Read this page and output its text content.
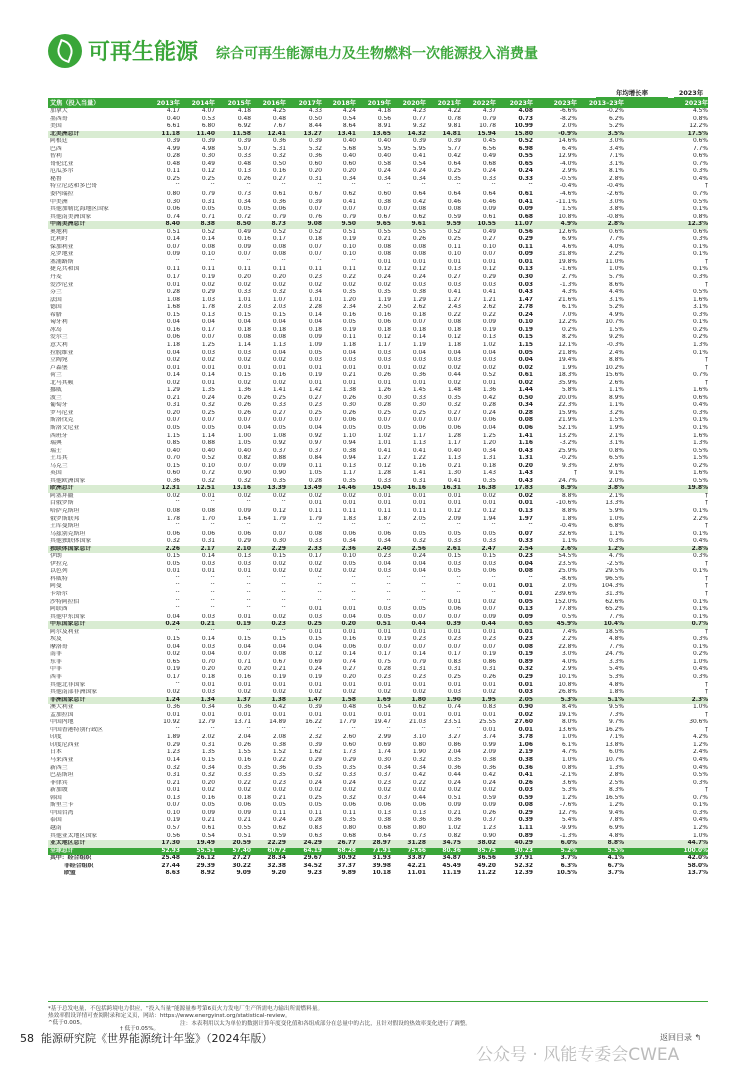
可再生能源 综合可再生能源电力及生物燃料一次能源投入消费量
年均增长率	2023年
艾焦（投入当量）	2013年	2014年	2015年	2016年	2017年	2018年	2019年	2020年	2021年	2022年	2023年	2023年	2013–23年	2023年
加拿大	4.17	4.07	4.18	4.25	4.33	4.24	4.18	4.23	4.22	4.37	4.08	-6.6%	-0.2%	4.5%
墨西哥	0.40	0.53	0.48	0.48	0.50	0.54	0.56	0.77	0.78	0.79	0.73	-8.2%	6.2%	0.8%
美国	6.61	6.80	6.92	7.67	8.44	8.64	8.91	9.32	9.81	10.78	10.99	2.0%	5.2%	12.2%
北美洲总计	11.18	11.40	11.58	12.41	13.27	13.41	13.65	14.32	14.81	15.94	15.80	-0.9%	3.5%	17.5%
阿根廷	0.39	0.39	0.39	0.36	0.39	0.40	0.40	0.39	0.39	0.45	0.52	14.6%	3.0%	0.6%
巴西	4.99	4.98	5.07	5.31	5.32	5.68	5.95	5.95	5.77	6.56	6.98	6.4%	3.4%	7.7%
智利	0.28	0.30	0.33	0.32	0.36	0.40	0.40	0.41	0.42	0.49	0.55	12.9%	7.1%	0.6%
哥伦比亚	0.48	0.49	0.48	0.50	0.60	0.60	0.58	0.54	0.64	0.68	0.65	-4.0%	3.1%	0.7%
厄瓜多尔	0.11	0.12	0.13	0.16	0.20	0.20	0.24	0.24	0.25	0.24	0.24	2.9%	8.1%	0.3%
秘鲁	0.25	0.25	0.26	0.27	0.31	0.34	0.34	0.34	0.35	0.33	0.33	-0.5%	2.8%	0.4%
特立尼达和多巴哥	^	^	^	^	^	^	^	^	^	^	^	-0.4%	-0.4%	†
委内瑞拉	0.80	0.79	0.73	0.61	0.67	0.62	0.60	0.64	0.64	0.64	0.61	-4.6%	-2.6%	0.7%
中美洲	0.30	0.31	0.34	0.36	0.39	0.41	0.38	0.42	0.46	0.46	0.41	-11.1%	3.0%	0.5%
其他加勒比海地区国家	0.06	0.05	0.05	0.06	0.07	0.07	0.07	0.08	0.08	0.09	0.09	1.5%	3.8%	0.1%
其他南美洲国家	0.74	0.71	0.72	0.79	0.76	0.79	0.67	0.62	0.59	0.61	0.68	10.8%	-0.8%	0.8%
中南美洲总计	8.40	8.38	8.50	8.73	9.08	9.50	9.65	9.61	9.59	10.55	11.07	4.9%	2.8%	12.3%
奥地利	0.51	0.52	0.49	0.52	0.52	0.51	0.55	0.55	0.52	0.49	0.56	12.6%	0.6%	0.6%
比利时	0.14	0.14	0.16	0.17	0.18	0.19	0.21	0.26	0.25	0.27	0.29	6.9%	7.7%	0.3%
保加利亚	0.07	0.08	0.09	0.08	0.07	0.10	0.08	0.08	0.11	0.10	0.11	4.6%	4.0%	0.1%
克罗地亚	0.09	0.10	0.07	0.08	0.07	0.10	0.08	0.08	0.10	0.07	0.09	31.8%	2.2%	0.1%
塞浦路斯	^	^	^	^	^	^	0.01	0.01	0.01	0.01	0.01	19.8%	11.0%	†
捷克共和国	0.11	0.11	0.11	0.11	0.11	0.11	0.12	0.12	0.13	0.12	0.13	-1.6%	1.0%	0.1%
丹麦	0.17	0.19	0.20	0.20	0.23	0.22	0.24	0.24	0.27	0.29	0.30	2.7%	5.7%	0.3%
爱沙尼亚	0.01	0.02	0.02	0.02	0.02	0.02	0.02	0.03	0.03	0.03	0.03	-1.3%	8.6%	†
芬兰	0.28	0.29	0.33	0.32	0.34	0.35	0.35	0.38	0.41	0.41	0.43	4.3%	4.4%	0.5%
法国	1.08	1.03	1.01	1.07	1.01	1.20	1.19	1.29	1.27	1.21	1.47	21.6%	3.1%	1.6%
德国	1.68	1.78	2.03	2.03	2.28	2.34	2.50	2.62	2.43	2.62	2.78	6.1%	5.2%	3.1%
希腊	0.15	0.13	0.15	0.15	0.14	0.16	0.16	0.18	0.22	0.22	0.24	7.0%	4.9%	0.3%
匈牙利	0.04	0.04	0.04	0.04	0.04	0.05	0.06	0.07	0.08	0.09	0.10	12.2%	10.7%	0.1%
冰岛	0.16	0.17	0.18	0.18	0.18	0.19	0.18	0.18	0.18	0.19	0.19	0.2%	1.5%	0.2%
爱尔兰	0.06	0.07	0.08	0.08	0.09	0.11	0.12	0.14	0.12	0.13	0.15	8.2%	9.2%	0.2%
意大利	1.18	1.25	1.14	1.13	1.09	1.18	1.17	1.19	1.18	1.02	1.15	12.1%	-0.3%	1.3%
拉脱维亚	0.04	0.03	0.03	0.04	0.05	0.04	0.03	0.04	0.04	0.04	0.05	21.8%	2.4%	0.1%
立陶宛	0.02	0.02	0.02	0.02	0.03	0.03	0.03	0.03	0.03	0.03	0.04	19.4%	8.8%	†
卢森堡	0.01	0.01	0.01	0.01	0.01	0.01	0.01	0.02	0.02	0.02	0.02	1.9%	10.2%	†
荷兰	0.14	0.14	0.15	0.16	0.19	0.21	0.26	0.36	0.44	0.52	0.61	18.3%	15.6%	0.7%
北马其顿	0.02	0.01	0.02	0.02	0.01	0.01	0.01	0.01	0.02	0.01	0.02	35.9%	2.6%	†
挪威	1.29	1.35	1.36	1.41	1.42	1.38	1.26	1.45	1.48	1.36	1.44	5.8%	1.1%	1.6%
波兰	0.21	0.24	0.26	0.25	0.27	0.26	0.30	0.33	0.35	0.42	0.50	20.0%	8.9%	0.6%
葡萄牙	0.31	0.32	0.26	0.33	0.23	0.30	0.28	0.30	0.32	0.28	0.34	22.3%	1.1%	0.4%
罗马尼亚	0.20	0.25	0.26	0.27	0.25	0.26	0.25	0.25	0.27	0.24	0.28	15.9%	3.2%	0.3%
斯洛伐克	0.07	0.07	0.07	0.07	0.07	0.06	0.07	0.07	0.07	0.06	0.08	21.9%	1.5%	0.1%
斯洛文尼亚	0.05	0.05	0.04	0.05	0.04	0.05	0.05	0.06	0.06	0.04	0.06	52.1%	1.9%	0.1%
西班牙	1.15	1.14	1.00	1.08	0.92	1.10	1.02	1.17	1.28	1.25	1.41	13.2%	2.1%	1.6%
瑞典	0.85	0.88	1.05	0.92	0.97	0.94	1.01	1.13	1.17	1.20	1.16	-3.2%	3.1%	1.3%
瑞士	0.40	0.40	0.40	0.37	0.37	0.38	0.41	0.41	0.40	0.34	0.43	25.9%	0.8%	0.5%
土耳其	0.70	0.52	0.82	0.88	0.84	0.94	1.27	1.22	1.13	1.31	1.31	-0.2%	6.5%	1.5%
乌克兰	0.15	0.10	0.07	0.09	0.11	0.13	0.12	0.16	0.21	0.18	0.20	9.3%	2.6%	0.2%
英国	0.60	0.72	0.90	0.90	1.05	1.17	1.28	1.41	1.30	1.43	1.43	†	9.1%	1.6%
其他欧洲国家	0.36	0.32	0.32	0.35	0.28	0.35	0.33	0.31	0.41	0.35	0.43	24.7%	2.0%	0.5%
欧洲总计	12.31	12.51	13.16	13.39	13.49	14.46	15.04	16.16	16.31	16.38	17.83	8.9%	3.8%	19.8%
阿塞拜疆	0.02	0.01	0.02	0.02	0.02	0.02	0.01	0.01	0.01	0.02	0.02	8.8%	2.1%	†
白俄罗斯	^	^	^	^	0.01	0.01	0.01	0.01	0.01	0.01	0.01	-10.6%	13.3%	†
哈萨克斯坦	0.08	0.08	0.09	0.12	0.11	0.11	0.11	0.11	0.12	0.12	0.13	8.8%	5.9%	0.1%
俄罗斯联邦	1.78	1.70	1.64	1.79	1.79	1.83	1.87	2.05	2.09	1.94	1.97	1.8%	1.0%	2.2%
土库曼斯坦	^	^	^	^	^	^	^	^	^	^	^	-0.4%	6.8%	†
乌兹别克斯坦	0.06	0.06	0.06	0.07	0.08	0.06	0.06	0.05	0.05	0.05	0.07	32.6%	1.1%	0.1%
其他独联体国家	0.32	0.31	0.29	0.30	0.33	0.34	0.34	0.32	0.33	0.33	0.33	1.1%	0.3%	0.4%
独联体国家总计	2.26	2.17	2.10	2.29	2.33	2.36	2.40	2.56	2.61	2.47	2.54	2.6%	1.2%	2.8%
伊朗	0.15	0.14	0.13	0.15	0.17	0.10	0.23	0.24	0.15	0.15	0.23	54.5%	4.7%	0.3%
伊拉克	0.05	0.03	0.03	0.02	0.02	0.05	0.04	0.04	0.03	0.03	0.04	23.5%	-2.5%	†
以色列	0.01	0.01	0.01	0.02	0.02	0.02	0.03	0.04	0.05	0.06	0.08	25.0%	29.5%	0.1%
科威特	^	^	^	^	^	^	^	^	^	^	^	-8.6%	96.5%	†
阿曼	^	^	^	^	^	^	^	^	^	0.01	0.01	2.0%	104.3%	†
卡塔尔	^	^	^	^	^	^	^	^	^	^	0.01	239.6%	31.3%	†
沙特阿拉伯	^	^	^	^	^	^	^	^	0.01	0.02	0.05	152.0%	62.6%	0.1%
阿联酋	^	^	^	^	0.01	0.01	0.03	0.05	0.06	0.07	0.13	77.8%	65.2%	0.1%
其他中东国家	0.04	0.03	0.01	0.02	0.03	0.04	0.05	0.07	0.07	0.09	0.09	0.5%	7.7%	0.1%
中东国家总计	0.24	0.21	0.19	0.23	0.25	0.20	0.51	0.44	0.39	0.44	0.65	45.9%	10.4%	0.7%
阿尔及利亚	^	^	^	^	0.01	0.01	0.01	0.01	0.01	0.01	0.01	7.4%	18.5%	†
埃及	0.15	0.14	0.15	0.15	0.15	0.16	0.19	0.23	0.23	0.23	0.23	2.2%	4.8%	0.3%
摩洛哥	0.04	0.03	0.04	0.04	0.04	0.06	0.07	0.07	0.07	0.07	0.08	22.8%	7.7%	0.1%
南非	0.02	0.04	0.07	0.08	0.12	0.14	0.17	0.14	0.17	0.19	0.19	3.0%	24.7%	0.2%
东非	0.65	0.70	0.71	0.67	0.69	0.74	0.75	0.79	0.83	0.86	0.89	4.0%	3.3%	1.0%
中非	0.19	0.20	0.20	0.21	0.24	0.27	0.28	0.31	0.31	0.31	0.32	2.9%	5.4%	0.4%
西非	0.17	0.18	0.16	0.19	0.19	0.20	0.23	0.23	0.25	0.26	0.29	10.1%	5.3%	0.3%
其他北非国家	^	0.01	0.01	0.01	0.01	0.01	0.01	0.01	0.01	0.01	0.01	10.8%	4.8%	†
其他南部非洲国家	0.02	0.03	0.02	0.02	0.02	0.02	0.02	0.02	0.03	0.02	0.03	26.8%	1.8%	†
非洲国家总计	1.24	1.34	1.37	1.38	1.47	1.58	1.69	1.80	1.90	1.95	2.05	5.3%	5.1%	2.3%
澳大利亚	0.36	0.34	0.36	0.42	0.39	0.48	0.54	0.62	0.74	0.83	0.90	8.4%	9.5%	1.0%
孟加拉国	0.01	0.01	0.01	0.01	0.01	0.01	0.01	0.01	0.01	0.01	0.02	19.1%	7.3%	†
中国内地	10.92	12.79	13.71	14.89	16.22	17.79	19.47	21.03	23.51	25.55	27.60	8.0%	9.7%	30.6%
中国香港特别行政区	^	^	^	^	^	^	^	^	^	0.01	0.01	13.6%	16.2%	†
印度	1.89	2.02	2.04	2.08	2.32	2.60	2.99	3.10	3.27	3.74	3.78	1.0%	7.1%	4.2%
印度尼西亚	0.29	0.31	0.26	0.38	0.39	0.60	0.69	0.80	0.86	0.99	1.06	6.1%	13.8%	1.2%
日本	1.23	1.35	1.55	1.52	1.62	1.73	1.74	1.90	2.04	2.09	2.19	4.7%	6.0%	2.4%
马来西亚	0.14	0.15	0.16	0.22	0.29	0.29	0.30	0.32	0.35	0.38	0.38	1.0%	10.7%	0.4%
新西兰	0.32	0.34	0.35	0.36	0.35	0.35	0.34	0.34	0.36	0.36	0.36	0.8%	1.3%	0.4%
巴基斯坦	0.31	0.32	0.33	0.35	0.32	0.33	0.37	0.42	0.44	0.42	0.41	-2.1%	2.8%	0.5%
菲律宾	0.21	0.20	0.22	0.23	0.24	0.24	0.23	0.22	0.24	0.24	0.26	3.6%	2.5%	0.3%
新加坡	0.01	0.02	0.02	0.02	0.02	0.02	0.02	0.02	0.02	0.02	0.03	5.3%	8.3%	†
韩国	0.13	0.16	0.18	0.21	0.25	0.32	0.37	0.44	0.51	0.59	0.59	1.2%	16.5%	0.7%
斯里兰卡	0.07	0.05	0.06	0.05	0.05	0.06	0.06	0.06	0.09	0.09	0.08	-7.6%	1.2%	0.1%
中国台湾	0.10	0.09	0.09	0.11	0.11	0.11	0.13	0.13	0.21	0.26	0.29	12.7%	9.4%	0.3%
泰国	0.19	0.21	0.21	0.24	0.28	0.35	0.38	0.36	0.36	0.37	0.39	5.4%	7.8%	0.4%
越南	0.57	0.61	0.55	0.62	0.83	0.80	0.68	0.80	1.02	1.23	1.11	-9.9%	6.9%	1.2%
其他亚太地区国家	0.56	0.54	0.51	0.59	0.63	0.68	0.64	0.73	0.82	0.90	0.89	-1.3%	4.8%	1.0%
亚太地区总计	17.30	19.49	20.59	22.29	24.29	26.77	28.97	31.28	34.75	38.02	40.29	6.0%	8.8%	44.7%
全球总计	52.93	55.51	57.40	60.72	64.19	68.28	71.91	75.66	80.36	85.75	90.23	5.2%	5.5%	100.0%
其中：经合组织	25.48	26.12	27.27	28.34	29.67	30.92	31.93	33.87	34.87	36.56	37.91	3.7%	4.1%	42.0%
非经合组织	27.44	29.39	30.22	32.38	34.52	37.37	39.98	42.21	45.49	49.20	52.32	6.3%	6.7%	58.0%
欧盟	8.63	8.92	9.09	9.20	9.23	9.89	10.18	11.01	11.19	11.22	12.39	10.5%	3.7%	13.7%
*基于总发电量，不包括跨境电力供应，“投入当量”能源量参考第6页火力发电厂生产所需电力输出所需燃料量。
热效率假设详情可查阅附录和定义页，网站：https://www.energyinst.org/statistical-review。
^低于0.005。
† 低于0.05%。
注：本表利用以太为单位的数据计算年度变化值和各组成部分在总量中的占比，且针对假设的热效率变化进行了调整。
58 能源研究院《世界能源统计年鉴》（2024年版）
公众号 · 风能专委会CWEA
返回目录 ↰
